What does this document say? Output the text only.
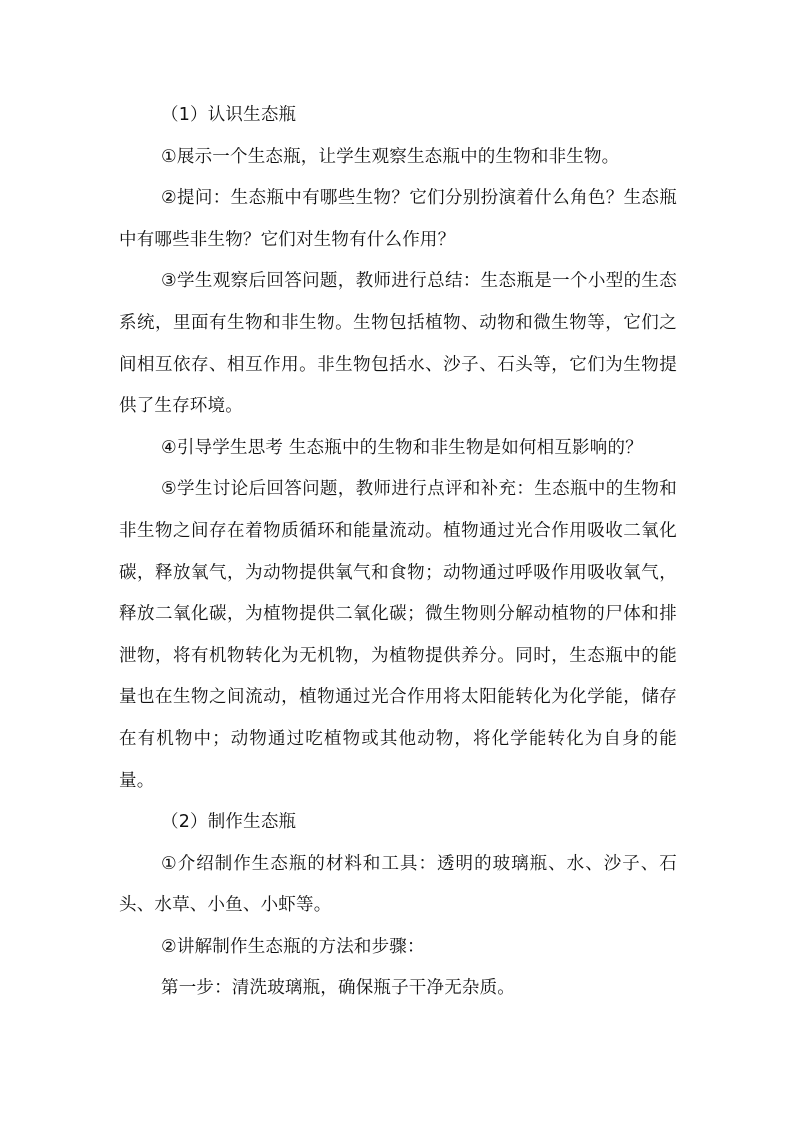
（1）认识生态瓶

①展示一个生态瓶，让学生观察生态瓶中的生物和非生物。

②提问：生态瓶中有哪些生物？它们分别扮演着什么角色？生态瓶中有哪些非生物？它们对生物有什么作用？

③学生观察后回答问题，教师进行总结：生态瓶是一个小型的生态系统，里面有生物和非生物。生物包括植物、动物和微生物等，它们之间相互依存、相互作用。非生物包括水、沙子、石头等，它们为生物提供了生存环境。

④引导学生思考 生态瓶中的生物和非生物是如何相互影响的？

⑤学生讨论后回答问题，教师进行点评和补充：生态瓶中的生物和非生物之间存在着物质循环和能量流动。植物通过光合作用吸收二氧化碳，释放氧气，为动物提供氧气和食物；动物通过呼吸作用吸收氧气，释放二氧化碳，为植物提供二氧化碳；微生物则分解动植物的尸体和排泄物，将有机物转化为无机物，为植物提供养分。同时，生态瓶中的能量也在生物之间流动，植物通过光合作用将太阳能转化为化学能，储存在有机物中；动物通过吃植物或其他动物，将化学能转化为自身的能量。

（2）制作生态瓶

①介绍制作生态瓶的材料和工具：透明的玻璃瓶、水、沙子、石头、水草、小鱼、小虾等。

②讲解制作生态瓶的方法和步骤：

第一步：清洗玻璃瓶，确保瓶子干净无杂质。
